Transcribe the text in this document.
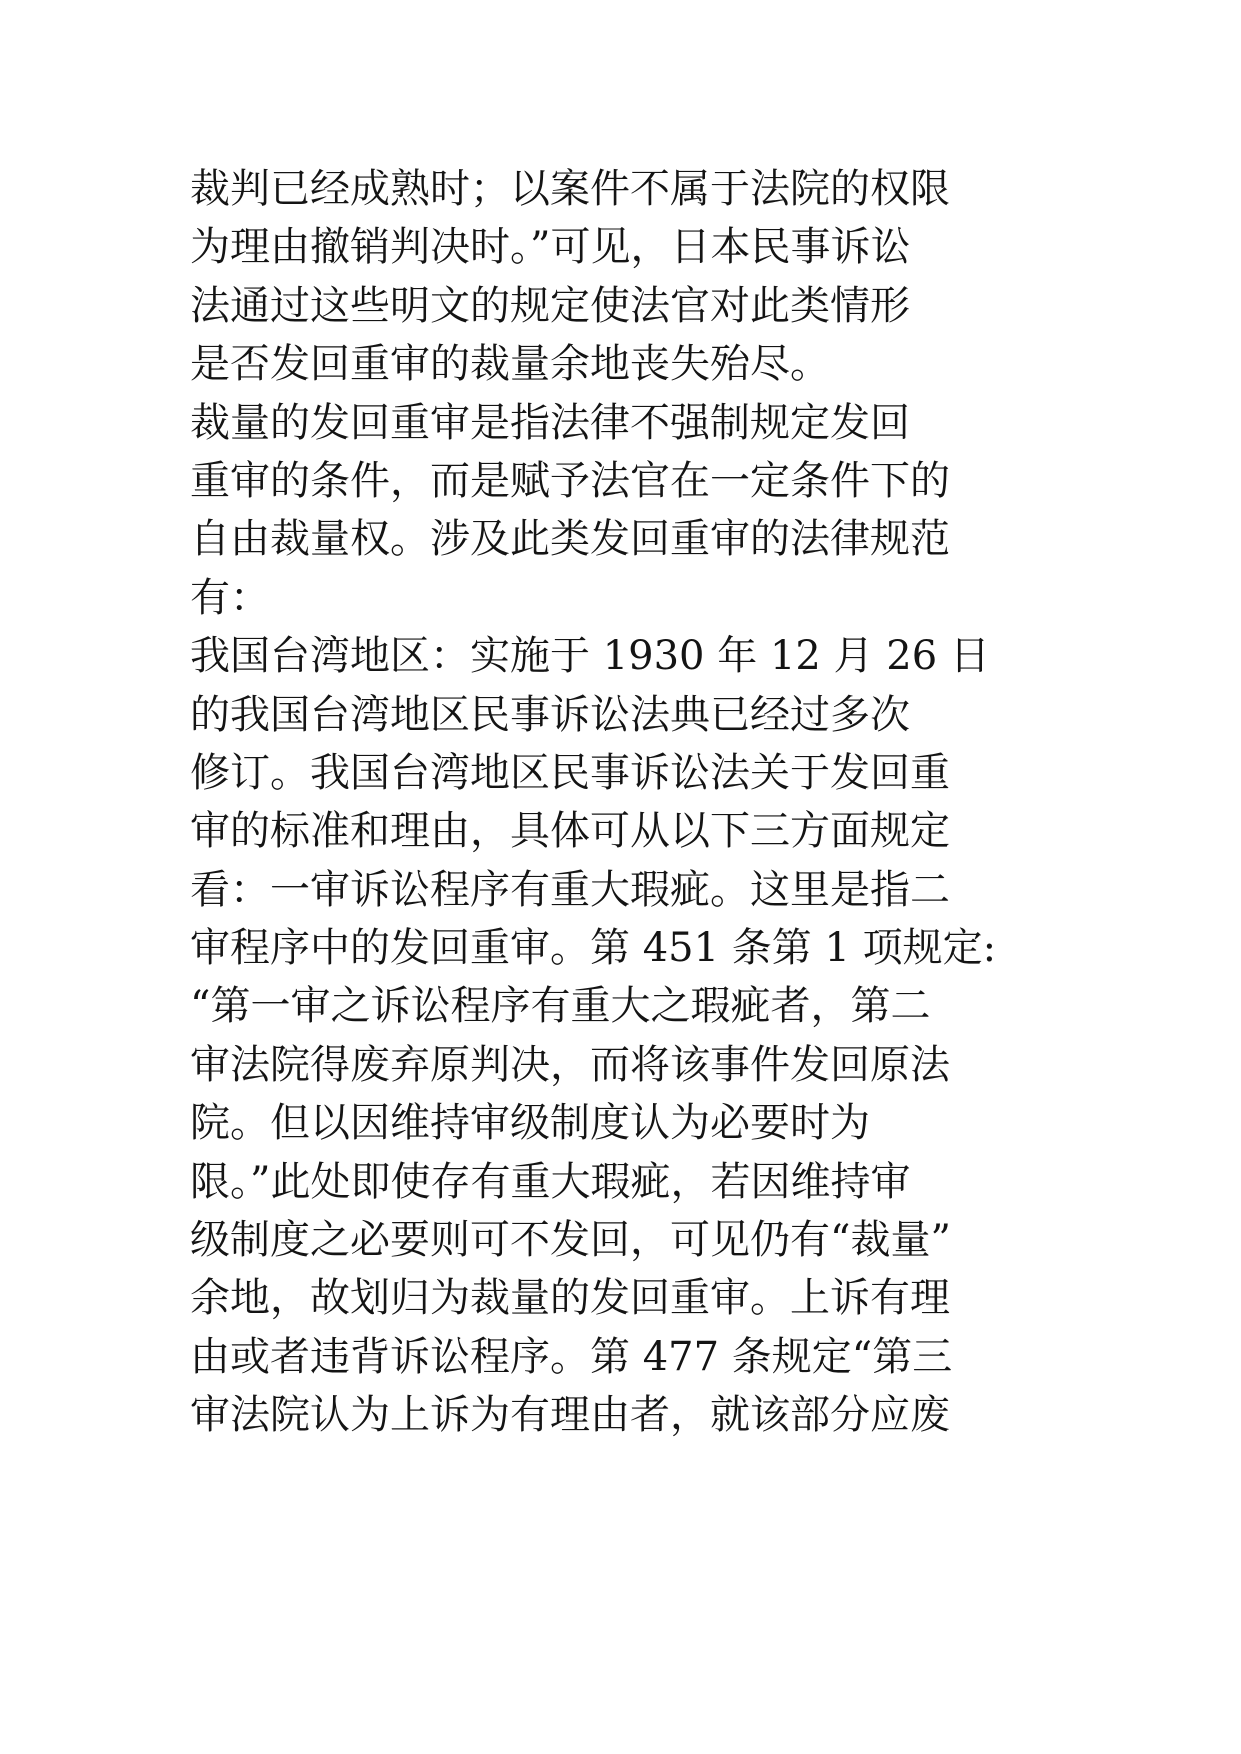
裁判已经成熟时；以案件不属于法院的权限
为理由撤销判决时。”可见，日本民事诉讼
法通过这些明文的规定使法官对此类情形
是否发回重审的裁量余地丧失殆尽。
裁量的发回重审是指法律不强制规定发回
重审的条件，而是赋予法官在一定条件下的
自由裁量权。涉及此类发回重审的法律规范
有：
我国台湾地区：实施于 1930 年 12 月 26 日
的我国台湾地区民事诉讼法典已经过多次
修订。我国台湾地区民事诉讼法关于发回重
审的标准和理由，具体可从以下三方面规定
看：一审诉讼程序有重大瑕疵。这里是指二
审程序中的发回重审。第 451 条第 1 项规定:
“第一审之诉讼程序有重大之瑕疵者，第二
审法院得废弃原判决，而将该事件发回原法
院。但以因维持审级制度认为必要时为
限。”此处即使存有重大瑕疵，若因维持审
级制度之必要则可不发回，可见仍有“裁量”
余地，故划归为裁量的发回重审。上诉有理
由或者违背诉讼程序。第 477 条规定“第三
审法院认为上诉为有理由者，就该部分应废
